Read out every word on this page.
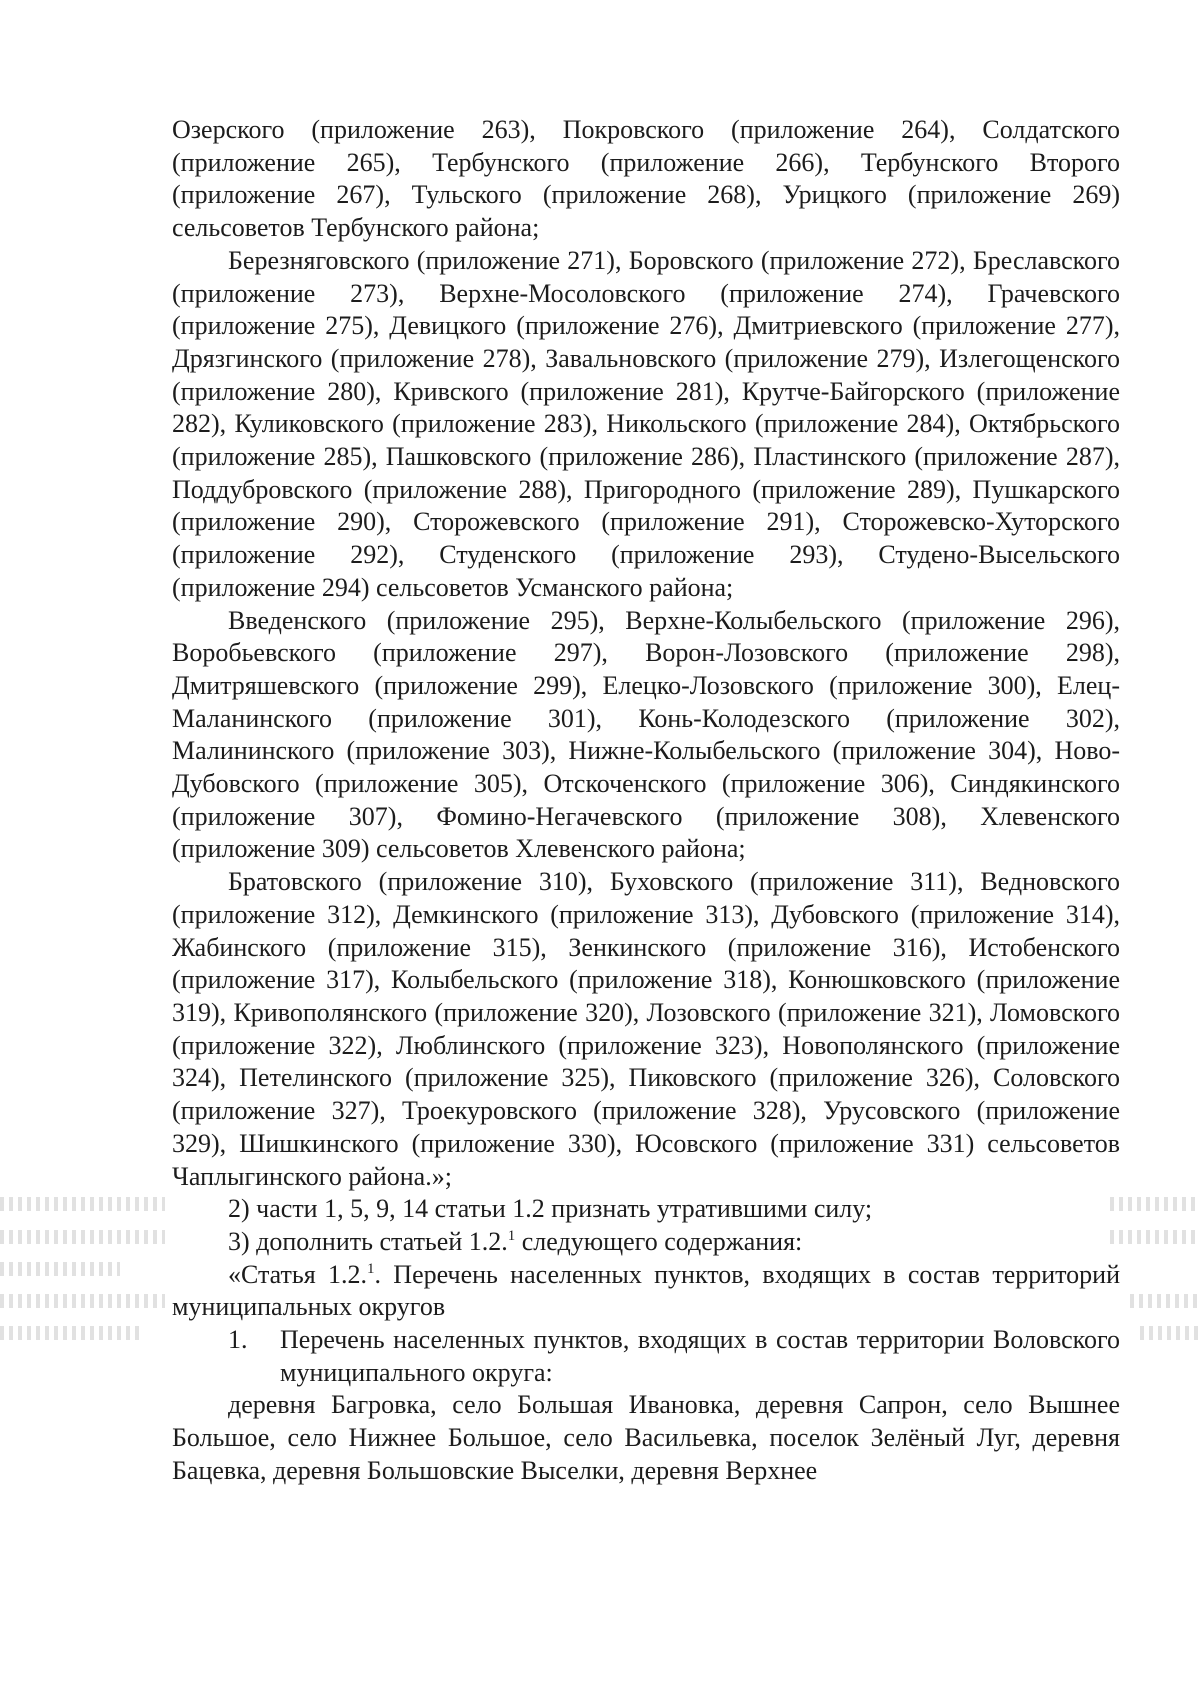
Озерского (приложение 263), Покровского (приложение 264), Солдатского (приложение 265), Тербунского (приложение 266), Тербунского Второго (приложение 267), Тульского (приложение 268), Урицкого (приложение 269) сельсоветов Тербунского района;

Березняговского (приложение 271), Боровского (приложение 272), Бреславского (приложение 273), Верхне-Мосоловского (приложение 274), Грачевского (приложение 275), Девицкого (приложение 276), Дмитриевского (приложение 277), Дрязгинского (приложение 278), Завальновского (приложение 279), Излегощенского (приложение 280), Кривского (приложение 281), Крутче-Байгорского (приложение 282), Куликовского (приложение 283), Никольского (приложение 284), Октябрьского (приложение 285), Пашковского (приложение 286), Пластинского (приложение 287), Поддубровского (приложение 288), Пригородного (приложение 289), Пушкарского (приложение 290), Сторожевского (приложение 291), Сторожевско-Хуторского (приложение 292), Студенского (приложение 293), Студено-Высельского (приложение 294) сельсоветов Усманского района;

Введенского (приложение 295), Верхне-Колыбельского (приложение 296), Воробьевского (приложение 297), Ворон-Лозовского (приложение 298), Дмитряшевского (приложение 299), Елецко-Лозовского (приложение 300), Елец-Маланинского (приложение 301), Конь-Колодезского (приложение 302), Малининского (приложение 303), Нижне-Колыбельского (приложение 304), Ново-Дубовского (приложение 305), Отскоченского (приложение 306), Синдякинского (приложение 307), Фомино-Негачевского (приложение 308), Хлевенского (приложение 309) сельсоветов Хлевенского района;

Братовского (приложение 310), Буховского (приложение 311), Ведновского (приложение 312), Демкинского (приложение 313), Дубовского (приложение 314), Жабинского (приложение 315), Зенкинского (приложение 316), Истобенского (приложение 317), Колыбельского (приложение 318), Конюшковского (приложение 319), Кривополянского (приложение 320), Лозовского (приложение 321), Ломовского (приложение 322), Люблинского (приложение 323), Новополянского (приложение 324), Петелинского (приложение 325), Пиковского (приложение 326), Соловского (приложение 327), Троекуровского (приложение 328), Урусовского (приложение 329), Шишкинского (приложение 330), Юсовского (приложение 331) сельсоветов Чаплыгинского района.»;

2) части 1, 5, 9, 14 статьи 1.2 признать утратившими силу;

3) дополнить статьей 1.2.$^1$ следующего содержания:

«Статья 1.2.$^1$. Перечень населенных пунктов, входящих в состав территорий муниципальных округов

1. Перечень населенных пунктов, входящих в состав территории Воловского муниципального округа:

деревня Багровка, село Большая Ивановка, деревня Сапрон, село Вышнее Большое, село Нижнее Большое, село Васильевка, поселок Зелёный Луг, деревня Бацевка, деревня Большовские Выселки, деревня Верхнее
